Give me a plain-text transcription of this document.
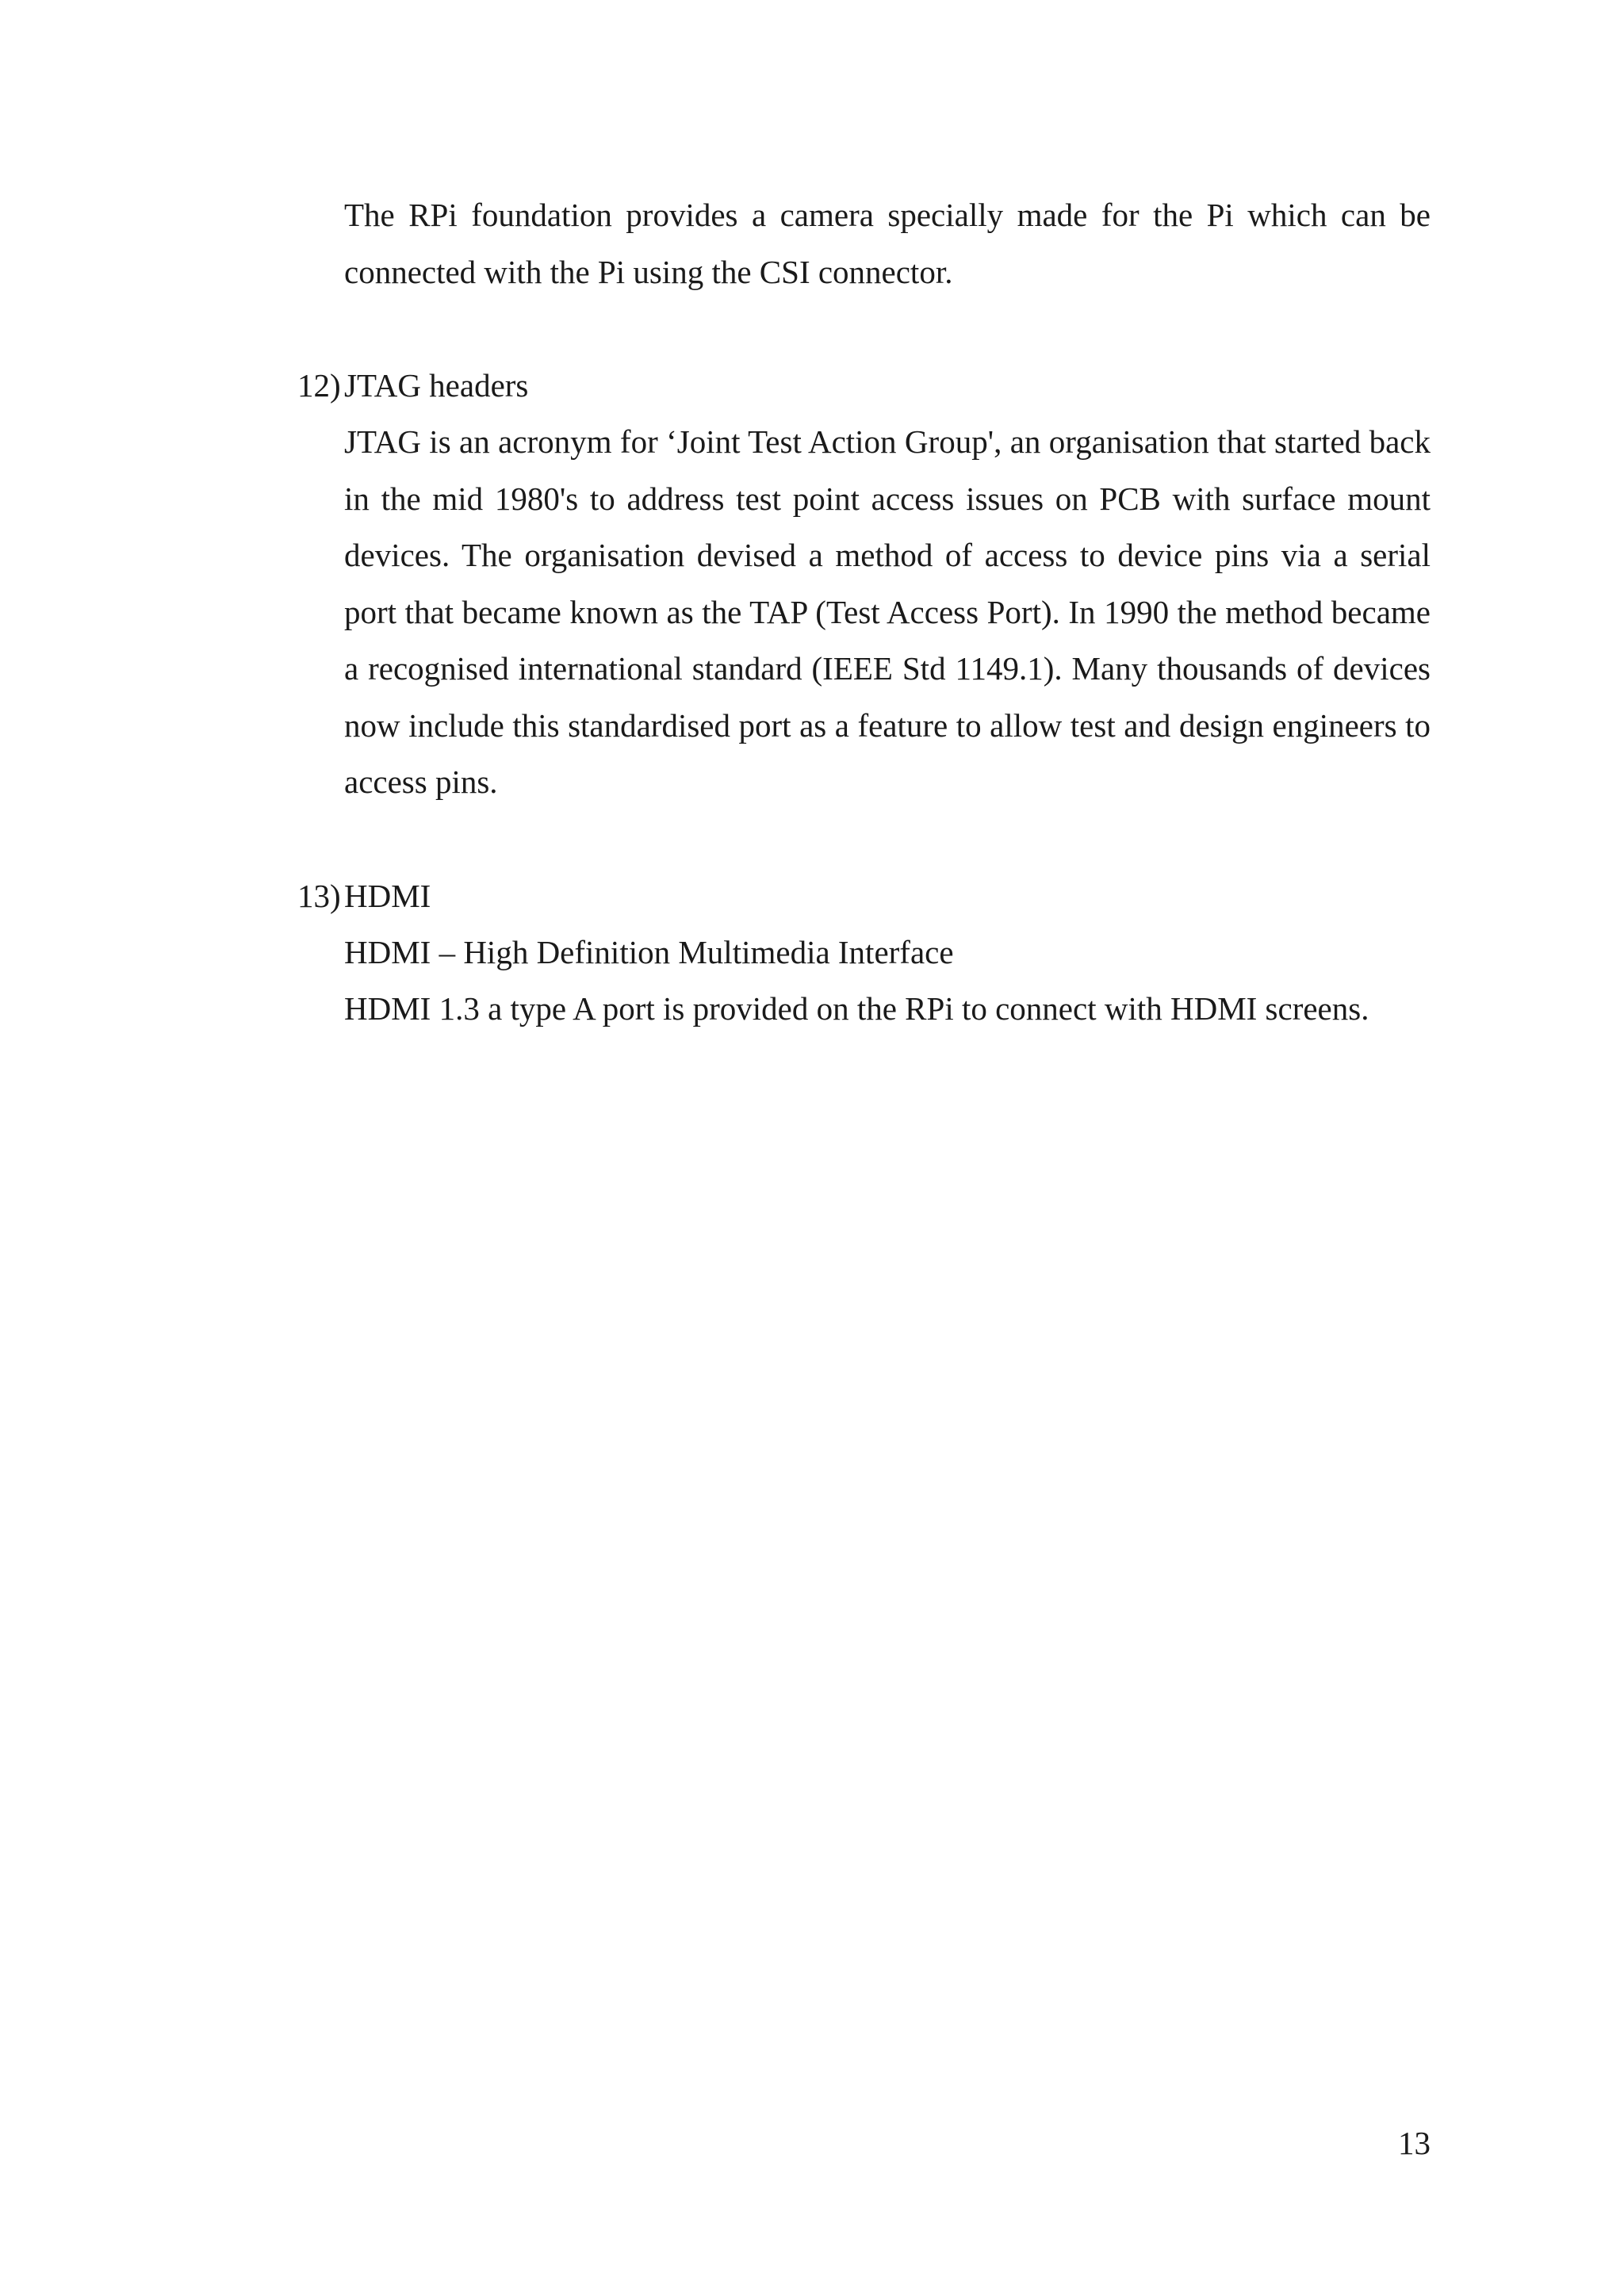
The RPi foundation provides a camera specially made for the Pi which can be connected with the Pi using the CSI connector.

12) JTAG headers

JTAG is an acronym for ‘Joint Test Action Group', an organisation that started back in the mid 1980's to address test point access issues on PCB with surface mount devices. The organisation devised a method of access to device pins via a serial port that became known as the TAP (Test Access Port). In 1990 the method became a recognised international standard (IEEE Std 1149.1). Many thousands of devices now include this standardised port as a feature to allow test and design engineers to access pins.

13) HDMI

HDMI – High Definition Multimedia Interface

HDMI 1.3 a type A port is provided on the RPi to connect with HDMI screens.

13
